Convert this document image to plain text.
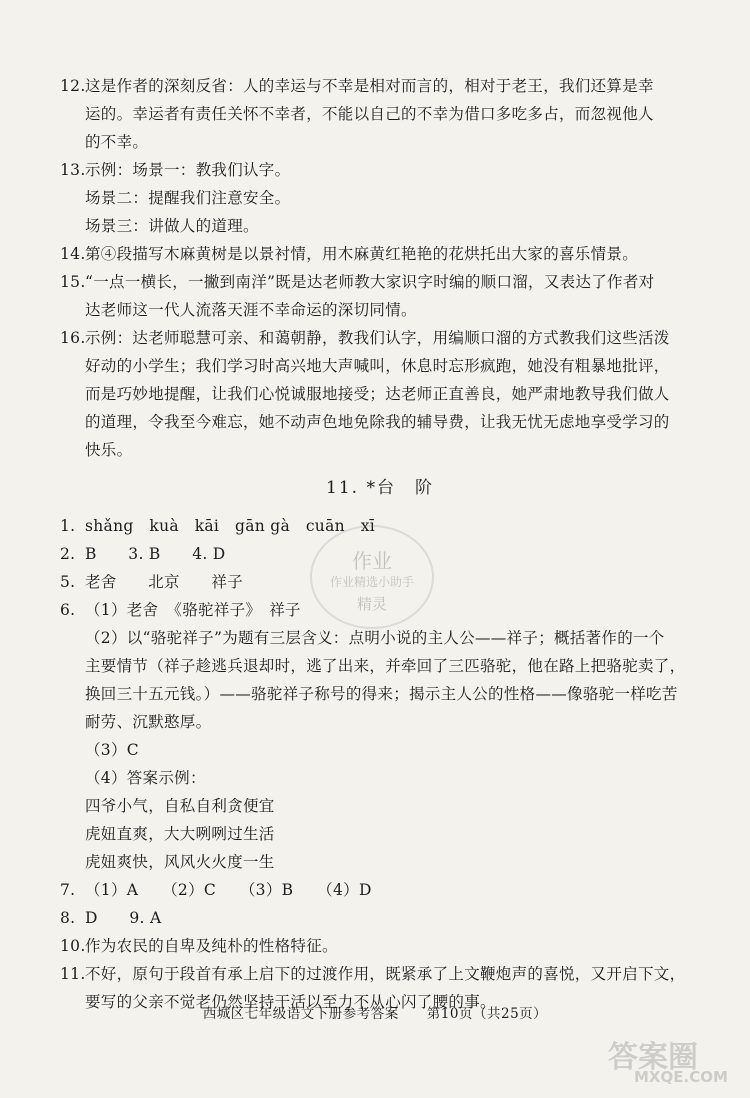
12. 这是作者的深刻反省：人的幸运与不幸是相对而言的，相对于老王，我们还算是幸
运的。幸运者有责任关怀不幸者，不能以自己的不幸为借口多吃多占，而忽视他人
的不幸。
13. 示例：场景一：教我们认字。
场景二：提醒我们注意安全。
场景三：讲做人的道理。
14. 第④段描写木麻黄树是以景衬情，用木麻黄红艳艳的花烘托出大家的喜乐情景。
15. “一点一横长，一撇到南洋”既是达老师教大家识字时编的顺口溜，又表达了作者对
达老师这一代人流落天涯不幸命运的深切同情。
16. 示例：达老师聪慧可亲、和蔼朝静，教我们认字，用编顺口溜的方式教我们这些活泼
好动的小学生；我们学习时高兴地大声喊叫，休息时忘形疯跑，她没有粗暴地批评，
而是巧妙地提醒，让我们心悦诚服地接受；达老师正直善良，她严肃地教导我们做人
的道理，令我至今难忘，她不动声色地免除我的辅导费，让我无忧无虑地享受学习的
快乐。
11. *台　阶
1. shǎng　kuà　kāi　gān gà　cuān　xī
2. B　　3. B　　4. D
5. 老舍　　北京　　祥子
6. （1）老舍　《骆驼祥子》　祥子
（2）以“骆驼祥子”为题有三层含义：点明小说的主人公——祥子；概括著作的一个
主要情节（祥子趁逃兵退却时，逃了出来，并牵回了三匹骆驼，他在路上把骆驼卖了，
换回三十五元钱。）——骆驼祥子称号的得来；揭示主人公的性格——像骆驼一样吃苦
耐劳、沉默憨厚。
（3）C
（4）答案示例：
四爷小气，自私自利贪便宜
虎妞直爽，大大咧咧过生活
虎妞爽快，风风火火度一生
7. （1）A　　（2）C　　（3）B　　（4）D
8. D　　9. A
10. 作为农民的自卑及纯朴的性格特征。
11. 不好，原句于段首有承上启下的过渡作用，既紧承了上文鞭炮声的喜悦，又开启下文，
要写的父亲不觉老仍然坚持干活以至力不从心闪了腰的事。
作业
作业精选小助手
精灵
西城区七年级语文下册参考答案　　第10页（共25页）
答案圈
MXQE.COM
